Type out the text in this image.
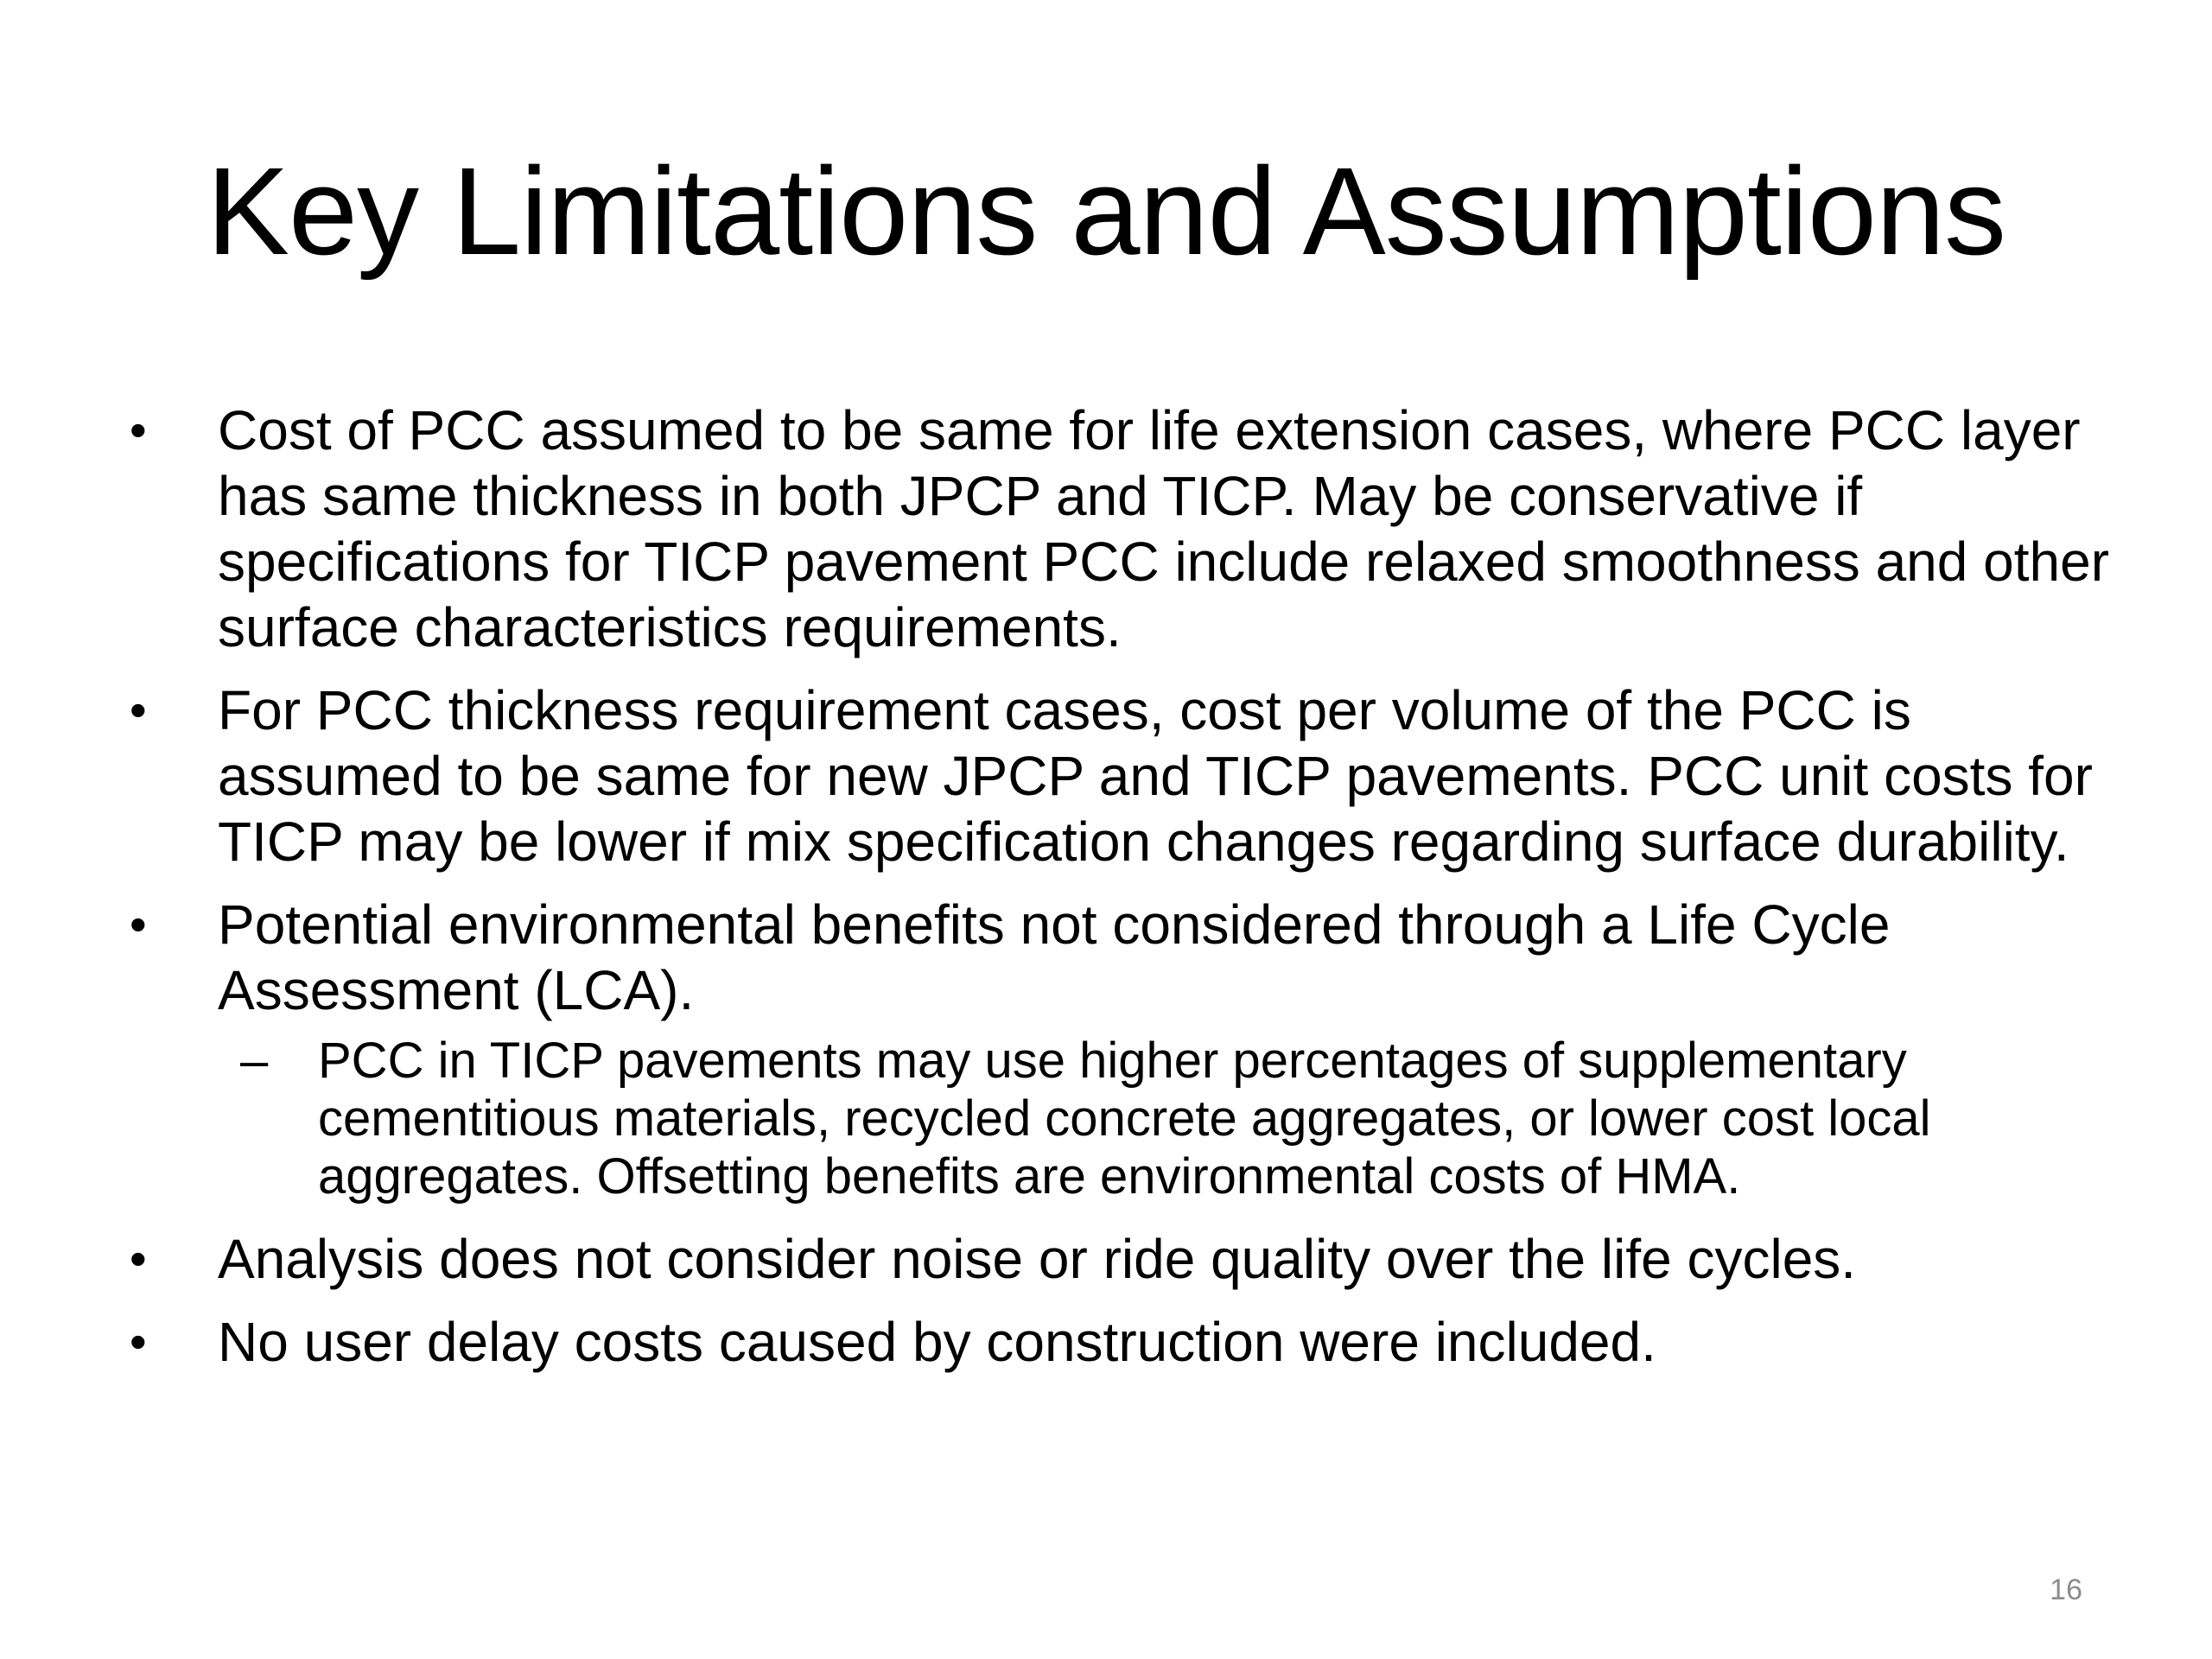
Key Limitations and Assumptions
•	Cost of PCC assumed to be same for life extension cases, where PCC layer has same thickness in both JPCP and TICP. May be conservative if specifications for TICP pavement PCC include relaxed smoothness and other surface characteristics requirements.
•	For PCC thickness requirement cases, cost per volume of the PCC is assumed to be same for new JPCP and TICP pavements. PCC unit costs for TICP may be lower if mix specification changes regarding surface durability.
•	Potential environmental benefits not considered through a Life Cycle Assessment (LCA).
– PCC in TICP pavements may use higher percentages of supplementary cementitious materials, recycled concrete aggregates, or lower cost local aggregates. Offsetting benefits are environmental costs of HMA.
•	Analysis does not consider noise or ride quality over the life cycles.
•	No user delay costs caused by construction were included.
16
